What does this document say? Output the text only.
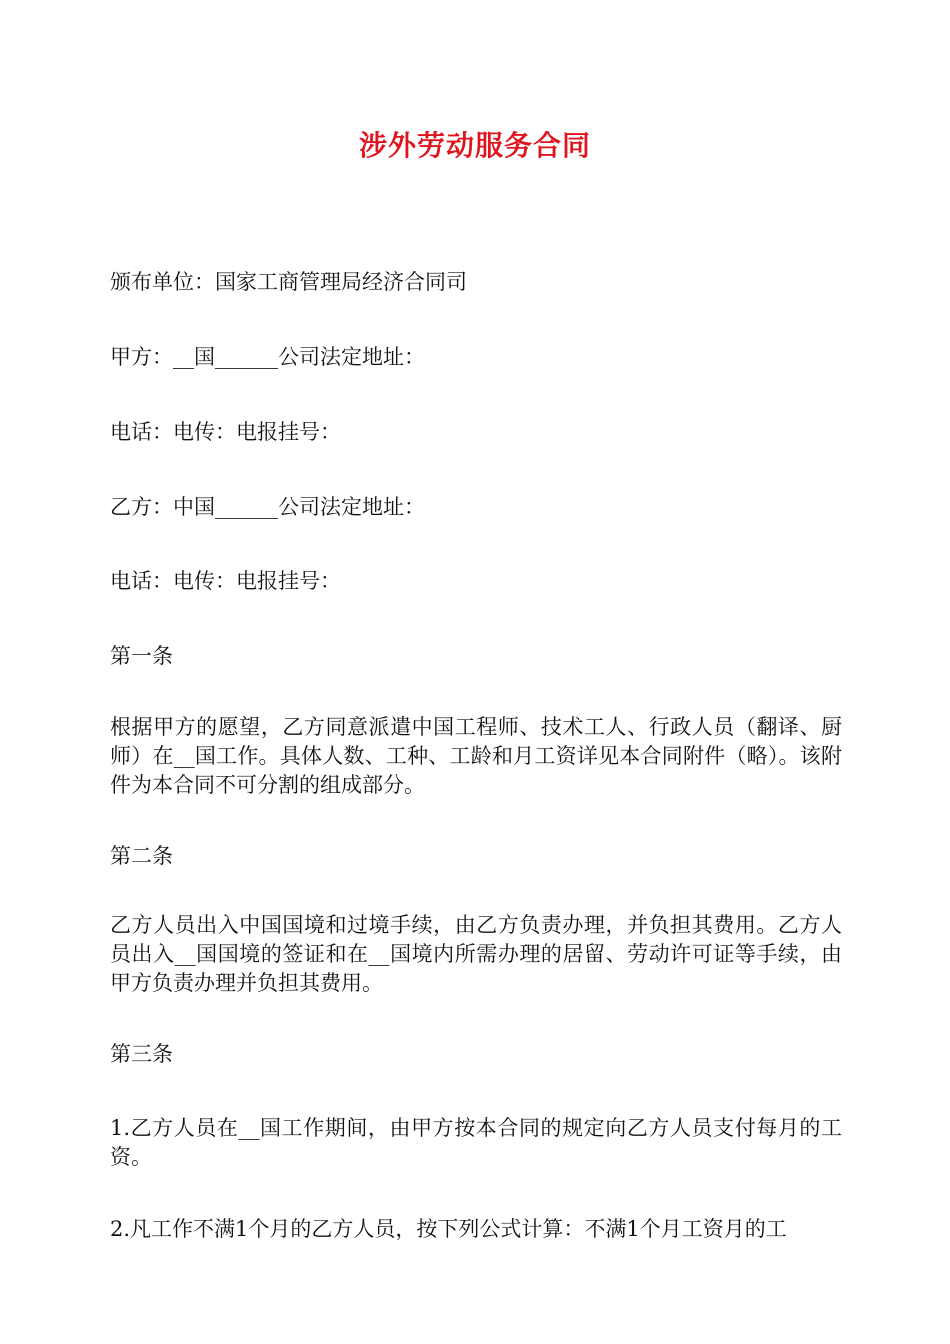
涉外劳动服务合同
颁布单位：国家工商管理局经济合同司
甲方：__国______公司法定地址：
电话：电传：电报挂号：
乙方：中国______公司法定地址：
电话：电传：电报挂号：
第一条
根据甲方的愿望，乙方同意派遣中国工程师、技术工人、行政人员（翻译、厨师）在__国工作。具体人数、工种、工龄和月工资详见本合同附件（略）。该附件为本合同不可分割的组成部分。
第二条
乙方人员出入中国国境和过境手续，由乙方负责办理，并负担其费用。乙方人员出入__国国境的签证和在__国境内所需办理的居留、劳动许可证等手续，由甲方负责办理并负担其费用。
第三条
1.乙方人员在__国工作期间，由甲方按本合同的规定向乙方人员支付每月的工资。
2.凡工作不满1个月的乙方人员，按下列公式计算：不满1个月工资月的工
